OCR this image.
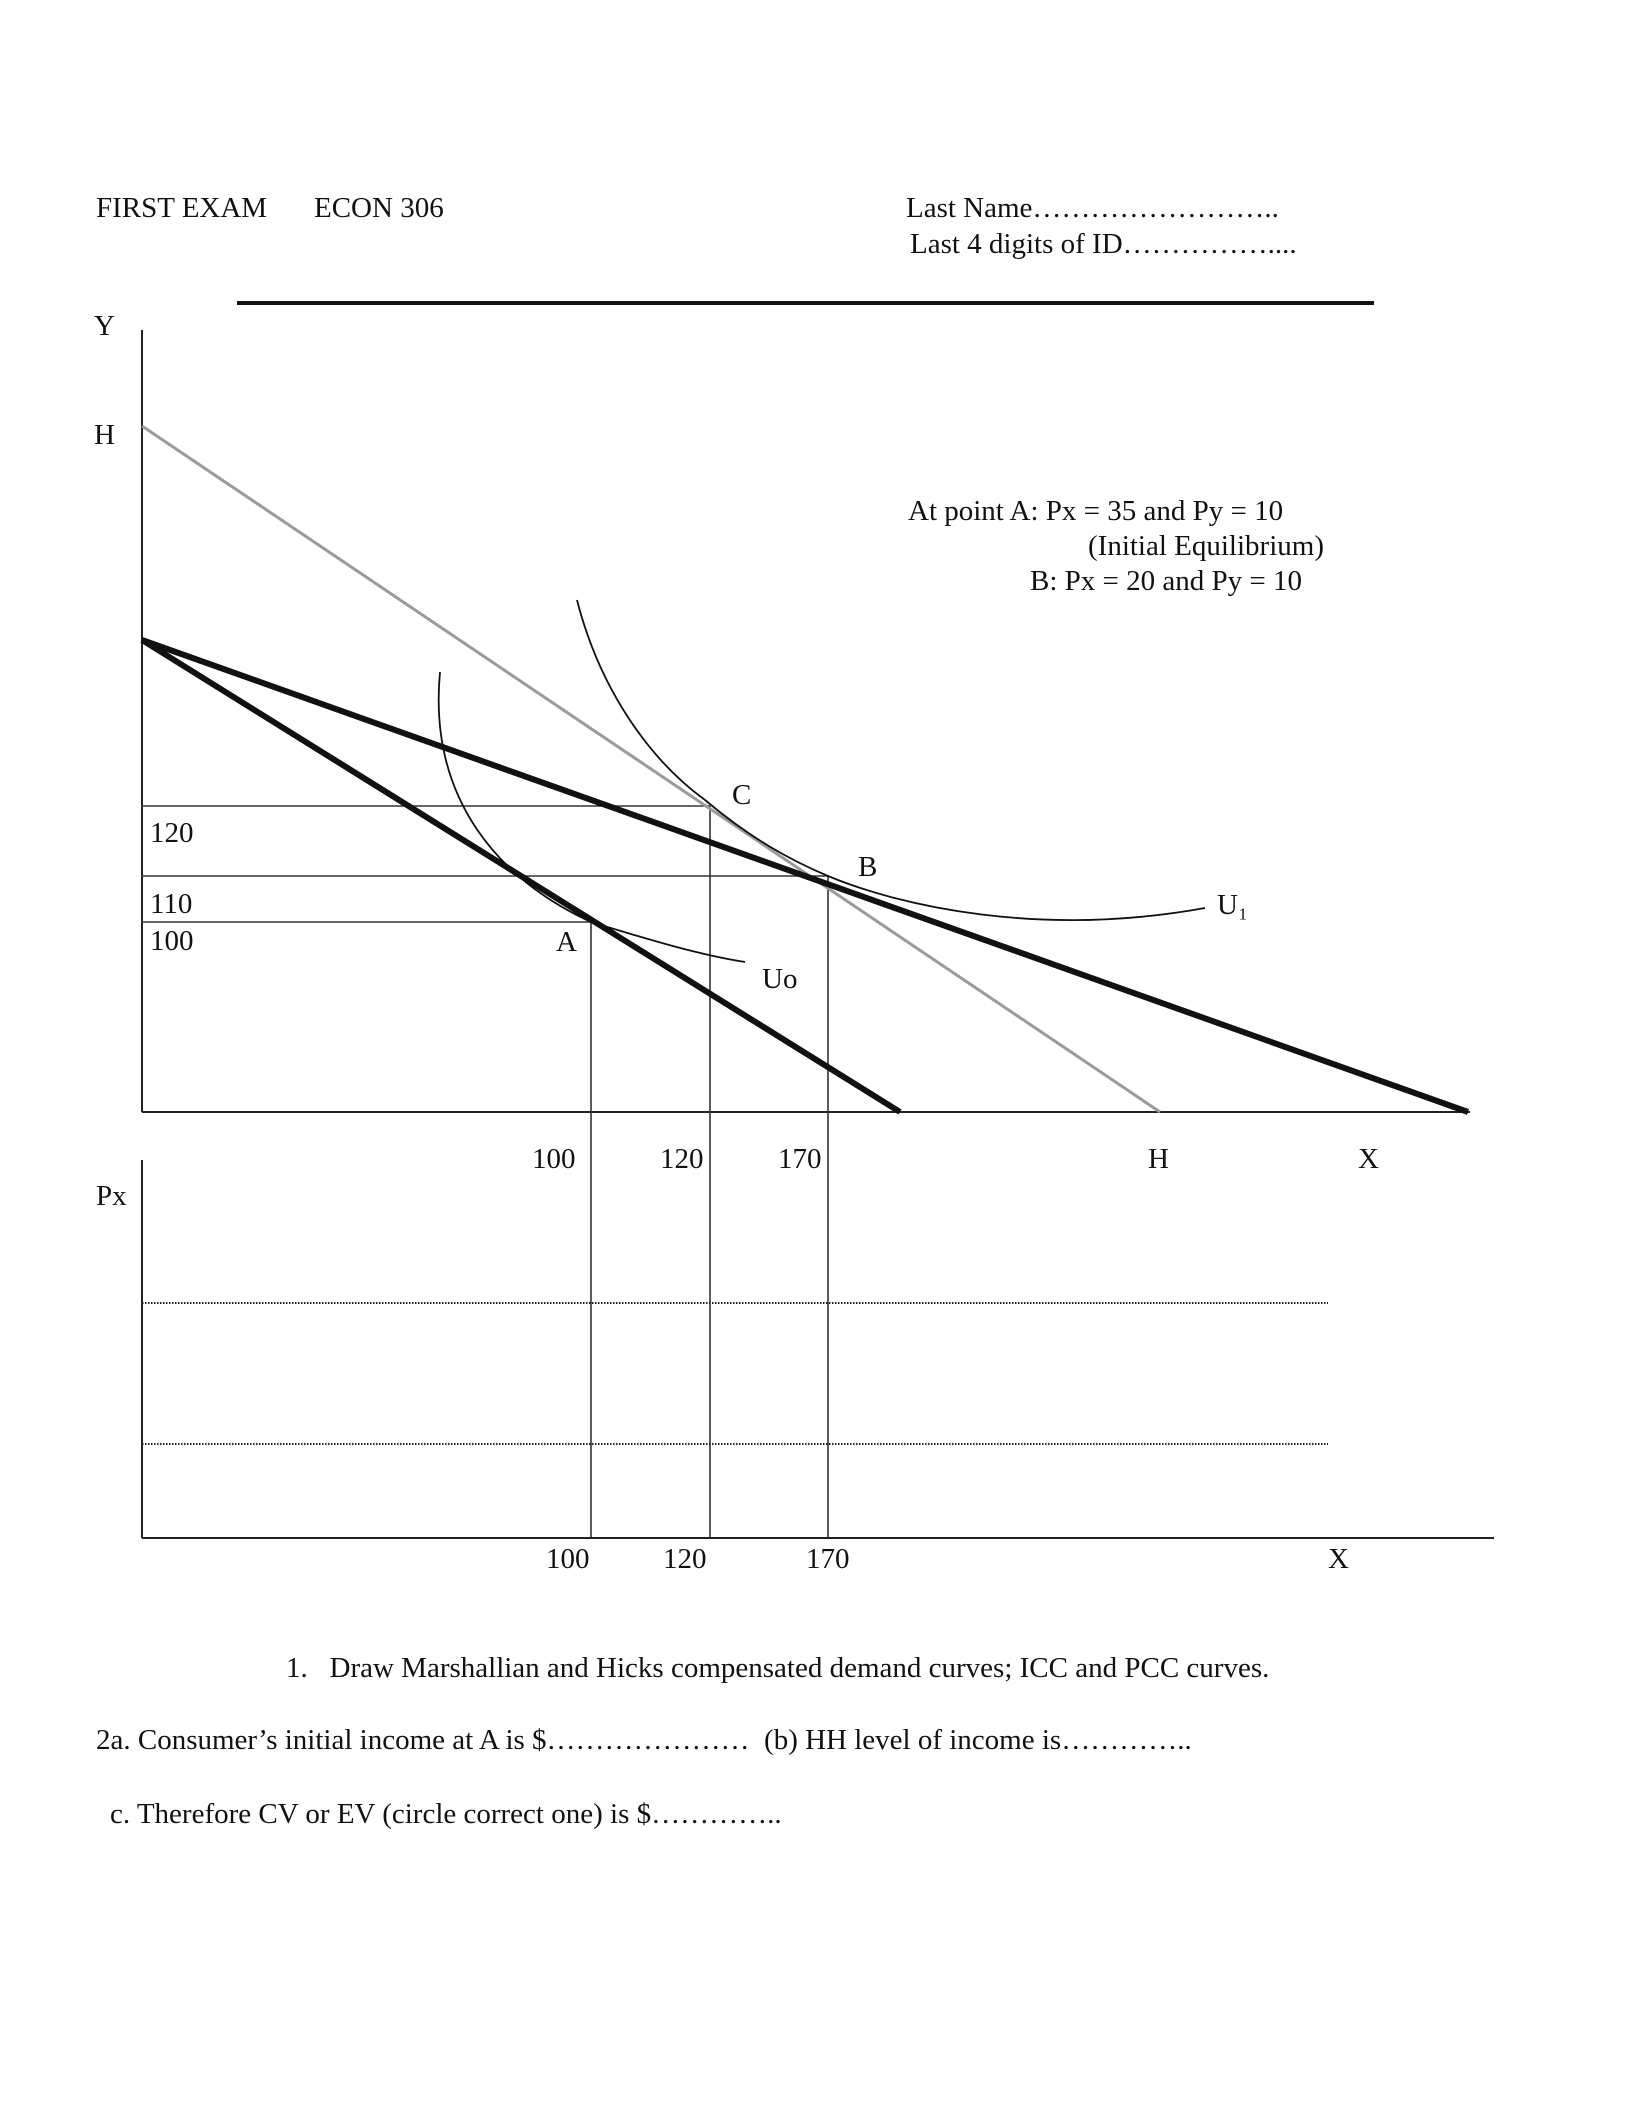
FIRST EXAM ECON 306	Last Name……………………..
Last 4 digits of ID……………....
Y
H
120
110
100	A
C
B
Uo
U₁
100	120	170	H	X
At point A: Px = 35 and Py = 10
(Initial Equilibrium)
B: Px = 20 and Py = 10
Px
100	120	170	X
1.   Draw Marshallian and Hicks compensated demand curves; ICC and PCC curves.
2a. Consumer’s initial income at A is $…………………  (b) HH level of income is…………..
c. Therefore CV or EV (circle correct one) is $…………..
